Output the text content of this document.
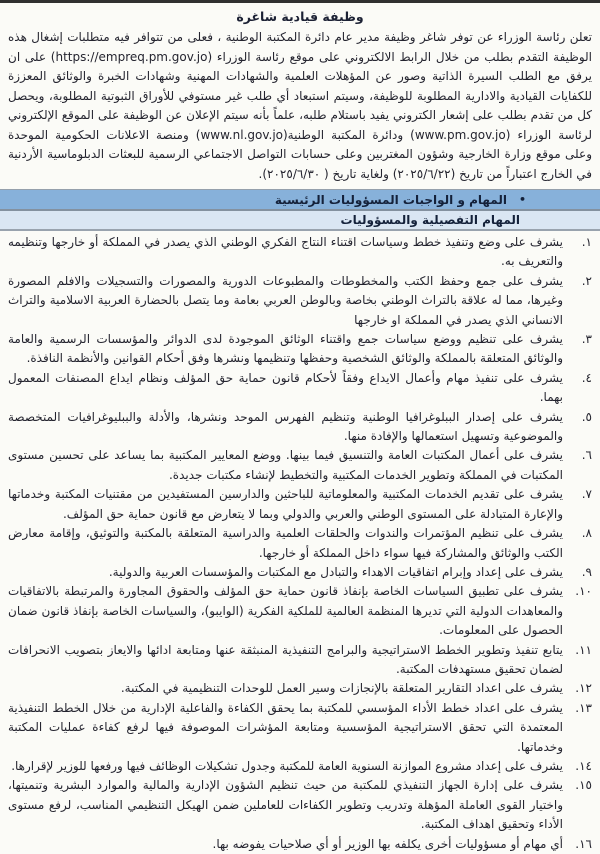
وظيفة قيادية شاغرة
تعلن رئاسة الوزراء عن توفر شاغر وظيفة مدير عام دائرة المكتبة الوطنية ، فعلى من تتوافر فيه متطلبات إشغال هذه الوظيفة التقدم بطلب من خلال الرابط الالكتروني على موقع رئاسة الوزراء (https://empreq.pm.gov.jo) على ان يرفق مع الطلب السيرة الذاتية وصور عن المؤهلات العلمية والشهادات المهنية وشهادات الخبرة والوثائق المعززة للكفايات القيادية والادارية المطلوبة للوظيفة، وسيتم استبعاد أي طلب غير مستوفي للأوراق الثبوتية المطلوبة، ويحصل كل من تقدم بطلب على إشعار الكتروني يفيد باستلام طلبه، علماً بأنه سيتم الإعلان عن الوظيفة على الموقع الإلكتروني لرئاسة الوزراء (www.pm.gov.jo) ودائرة المكتبة الوطنية(www.nl.gov.jo) ومنصة الاعلانات الحكومية الموحدة وعلى موقع وزارة الخارجية وشؤون المغتربين وعلى حسابات التواصل الاجتماعي الرسمية للبعثات الدبلوماسية الأردنية في الخارج اعتباراً من تاريخ (٢٠٢٥/٦/٢٢) ولغاية تاريخ ( ٢٠٢٥/٦/٣٠).
•
المهام و الواجبات المسؤوليات الرئيسية
المهام التفصيلية والمسؤوليات
١.
يشرف على وضع وتنفيذ خطط وسياسات اقتناء النتاج الفكري الوطني الذي يصدر في المملكة أو خارجها وتنظيمه والتعريف به.
٢.
يشرف على جمع وحفظ الكتب والمخطوطات والمطبوعات الدورية والمصورات والتسجيلات والافلم المصورة وغيرها، مما له علاقة بالتراث الوطني بخاصة وبالوطن العربي بعامة وما يتصل بالحضارة العربية الاسلامية والتراث الانساني الذي يصدر في المملكة او خارجها
٣.
يشرف على تنظيم ووضع سياسات جمع واقتناء الوثائق الموجودة لدى الدوائر والمؤسسات الرسمية والعامة والوثائق المتعلقة بالمملكة والوثائق الشخصية وحفظها وتنظيمها ونشرها وفق أحكام القوانين والأنظمة النافذة.
٤.
يشرف على تنفيذ مهام وأعمال الايداع وفقاً لأحكام قانون حماية حق المؤلف ونظام ايداع المصنفات المعمول بهما.
٥.
يشرف على إصدار الببلوغرافيا الوطنية وتنظيم الفهرس الموحد ونشرها، والأدلة والببليوغرافيات المتخصصة والموضوعية وتسهيل استعمالها والإفادة منها.
٦.
يشرف على أعمال المكتبات العامة والتنسيق فيما بينها. ووضع المعايير المكتبية بما يساعد على تحسين مستوى المكتبات في المملكة وتطوير الخدمات المكتبية والتخطيط لإنشاء مكتبات جديدة.
٧.
يشرف على تقديم الخدمات المكتبية والمعلوماتية للباحثين والدارسين المستفيدين من مقتنيات المكتبة وخدماتها والإعارة المتبادلة على المستوى الوطني والعربي والدولي وبما لا يتعارض مع قانون حماية حق المؤلف.
٨.
يشرف على تنظيم المؤتمرات والندوات والحلقات العلمية والدراسية المتعلقة بالمكتبة والتوثيق، وإقامة معارض الكتب والوثائق والمشاركة فيها سواء داخل المملكة أو خارجها.
٩.
يشرف على إعداد وإبرام اتفاقيات الاهداء والتبادل مع المكتبات والمؤسسات العربية والدولية.
١٠.
يشرف على تطبيق السياسات الخاصة بإنفاذ قانون حماية حق المؤلف والحقوق المجاورة والمرتبطة بالاتفاقيات والمعاهدات الدولية التي تديرها المنظمة العالمية للملكية الفكرية (الوايبو)، والسياسات الخاصة بإنفاذ قانون ضمان الحصول على المعلومات.
١١.
يتابع تنفيذ وتطوير الخطط الاستراتيجية والبرامج التنفيذية المنبثقة عنها ومتابعة ادائها والايعاز بتصويب الانحرافات لضمان تحقيق مستهدفات المكتبة.
١٢.
يشرف على اعداد التقارير المتعلقة بالإنجازات وسير العمل للوحدات التنظيمية في المكتبة.
١٣.
يشرف على اعداد خطط الأداء المؤسسي للمكتبة بما يحقق الكفاءة والفاعلية الإدارية من خلال الخطط التنفيذية المعتمدة التي تحقق الاستراتيجية المؤسسية ومتابعة المؤشرات الموصوفة فيها لرفع كفاءة عمليات المكتبة وخدماتها.
١٤.
يشرف على إعداد مشروع الموازنة السنوية العامة للمكتبة وجدول تشكيلات الوظائف فيها ورفعها للوزير لإقرارها.
١٥.
يشرف على إدارة الجهاز التنفيذي للمكتبة من حيث تنظيم الشؤون الإدارية والمالية والموارد البشرية وتنميتها، واختيار القوى العاملة المؤهلة وتدريب وتطوير الكفاءات للعاملين ضمن الهيكل التنظيمي المناسب، لرفع مستوى الأداء وتحقيق اهداف المكتبة.
١٦.
أي مهام أو مسؤوليات أخرى يكلفه بها الوزير أو أي صلاحيات يفوضه بها.
